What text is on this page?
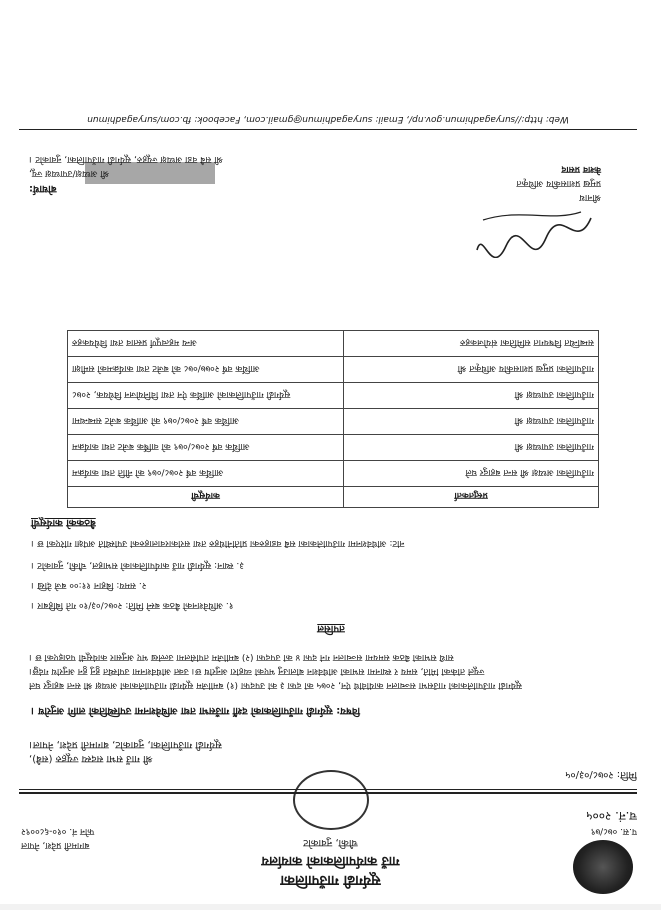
सूर्यगढी गाउँपालिका
गाउँ कार्यपालिकाको कार्यालय
चौकी, नुवाकोट
बागमती प्रदेश, नेपाल
फोन नं. ०१०-६८००९२	प.स. ०७८/७९
च.नं. २००५
मिति: २०७८/०३/०५
श्री गाउँ सभा सदस्य ज्यूहरु (सबै),
सूर्यगढी गाउँपालिका, नुवाकोट, बागमती प्रदेश, नेपाल।
विषय: सूर्यगढी गाउँपालिकाको दशौं गाउँसभा तथा अधिवेशनमा उपस्थितिको लागि अनुरोध ।
सूर्यगढी गाउँपालिकाको गाउँसभा सञ्चालन कार्यविधि ऐन, २०७५ को दफा ३ को उपदफा (१) बमोजिम सूर्यगढी गाउँपालिकाको अध्यक्ष श्री सन्त बहादुर घले
ज्यूले तोकेको मिति, समय र स्थानमा सभाको अधिवेशन बोलाउनु भएको व्यहोरा अनुरोध छ। उक्त अधिवेशनमा उपस्थित हुनु हुन अनुरोध गर्दछु।
साथै सभाको बैठक समयमा सञ्चालन गर्न दफा ४ को उपदफा (२) बमोजिम तपसिलमा उल्लेख भए अनुसार कार्यसूची पठाइएको छ ।
तपसिल
१. अधिवेशनको बैठक बस्ने मिति: २०७८/०३/१० गते बिहिबार ।
२. समय: बिहान ११:०० बजे देखि ।
३. स्थान: सूर्यगढी गाउँ कार्यपालिकाको सभाहल, चौकी, नुवाकोट ।
नोट: अधिवेशनमा गाउँपालिकाका सबै वडाहरुका प्रतिनिधिहरु तथा सरोकारवालाहरुको उपस्थिति अपेक्षा गरिएको छ ।
बैठकको कार्यसूची
प्रस्तुतकर्ता	कार्यसूची
गाउँपालिका अध्यक्ष श्री सन्त बहादुर घले	आर्थिक वर्ष २०७८/०७९ को नीति तथा कार्यक्रम
गाउँपालिका उपाध्यक्ष श्री	आर्थिक वर्ष २०७८/०७९ को वार्षिक बजेट तथा कार्यक्रम
गाउँपालिका उपाध्यक्ष श्री	आर्थिक वर्ष २०७८/०७९ को आर्थिक बजेट सम्बन्धमा
गाउँपालिका उपाध्यक्ष श्री	सूर्यगढी गाउँपालिकाको आर्थिक ऐन तथा विनियोजन विधेयक, २०७८
गाउँपालिका प्रमुख प्रशासकीय अधिकृत श्री	आर्थिक वर्ष २०७७/०७८ को बजेट तथा कार्यक्रमको समीक्षा
सम्बन्धित विषयगत समितिका संयोजकहरु	अन्य महत्वपूर्ण प्रस्ताव तथा विधेयकहरु
श्रीनाथ
प्रमुख प्रशासकीय अधिकृत
केशव प्रसाद
बोधार्थ:
श्री अध्यक्ष/उपाध्यक्ष ज्यू,
श्री सबै वडा अध्यक्ष ज्यूहरु, सूर्यगढी गाउँपालिका, नुवाकोट ।
Web: http://suryagadhimun.gov.np/, Email: suryagadhimun@gmail.com, Facebook: fb.com/suryagadhimun
